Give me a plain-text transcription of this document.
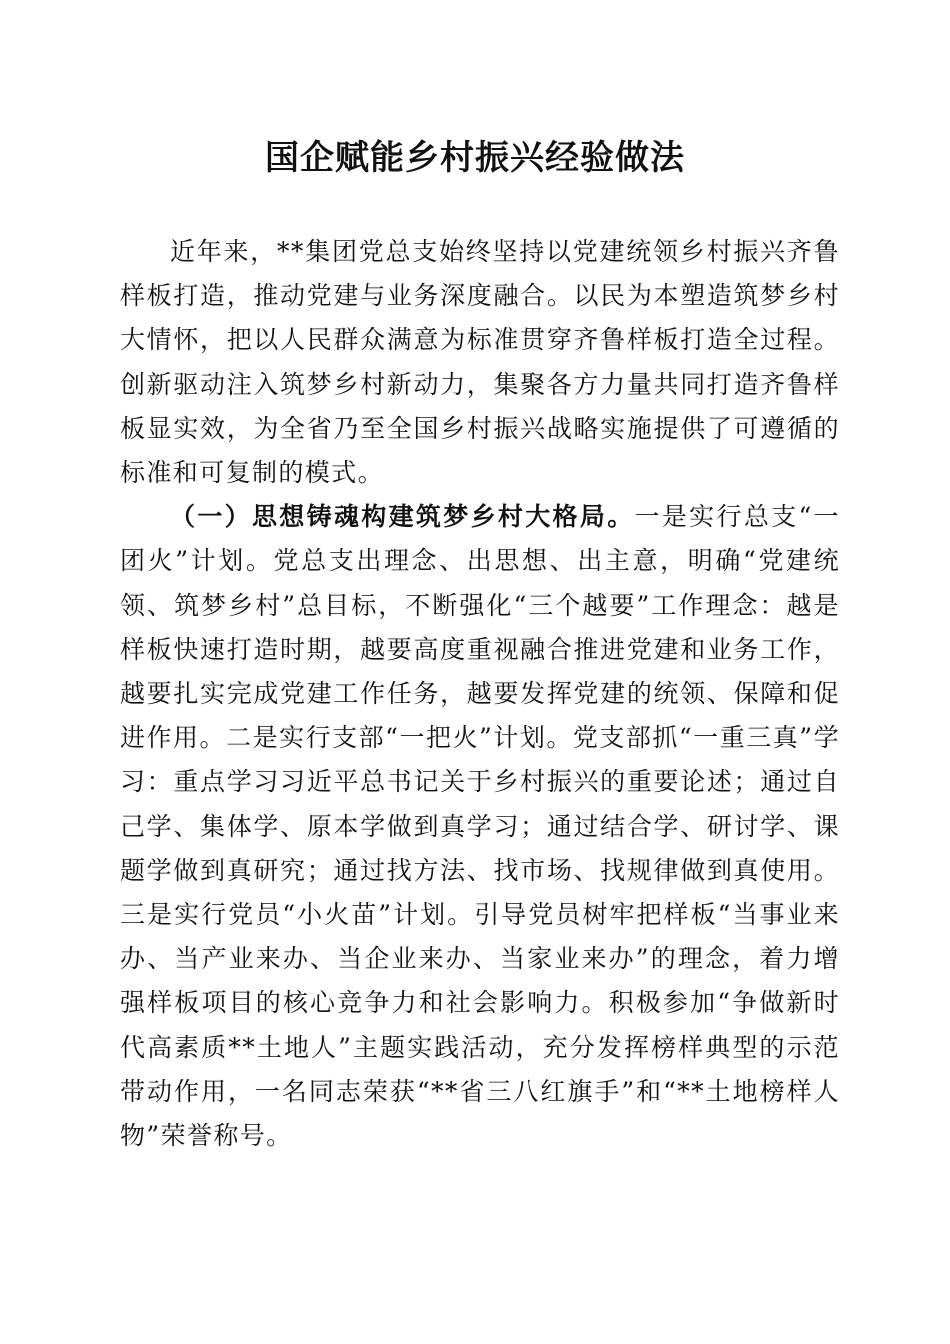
国企赋能乡村振兴经验做法

近年来，**集团党总支始终坚持以党建统领乡村振兴齐鲁样板打造，推动党建与业务深度融合。以民为本塑造筑梦乡村大情怀，把以人民群众满意为标准贯穿齐鲁样板打造全过程。创新驱动注入筑梦乡村新动力，集聚各方力量共同打造齐鲁样板显实效，为全省乃至全国乡村振兴战略实施提供了可遵循的标准和可复制的模式。

（一）思想铸魂构建筑梦乡村大格局。一是实行总支“一团火”计划。党总支出理念、出思想、出主意，明确“党建统领、筑梦乡村”总目标，不断强化“三个越要”工作理念：越是样板快速打造时期，越要高度重视融合推进党建和业务工作，越要扎实完成党建工作任务，越要发挥党建的统领、保障和促进作用。二是实行支部“一把火”计划。党支部抓“一重三真”学习：重点学习习近平总书记关于乡村振兴的重要论述；通过自己学、集体学、原本学做到真学习；通过结合学、研讨学、课题学做到真研究；通过找方法、找市场、找规律做到真使用。三是实行党员“小火苗”计划。引导党员树牢把样板“当事业来办、当产业来办、当企业来办、当家业来办”的理念，着力增强样板项目的核心竞争力和社会影响力。积极参加“争做新时代高素质**土地人”主题实践活动，充分发挥榜样典型的示范带动作用，一名同志荣获“**省三八红旗手”和“**土地榜样人物”荣誉称号。
